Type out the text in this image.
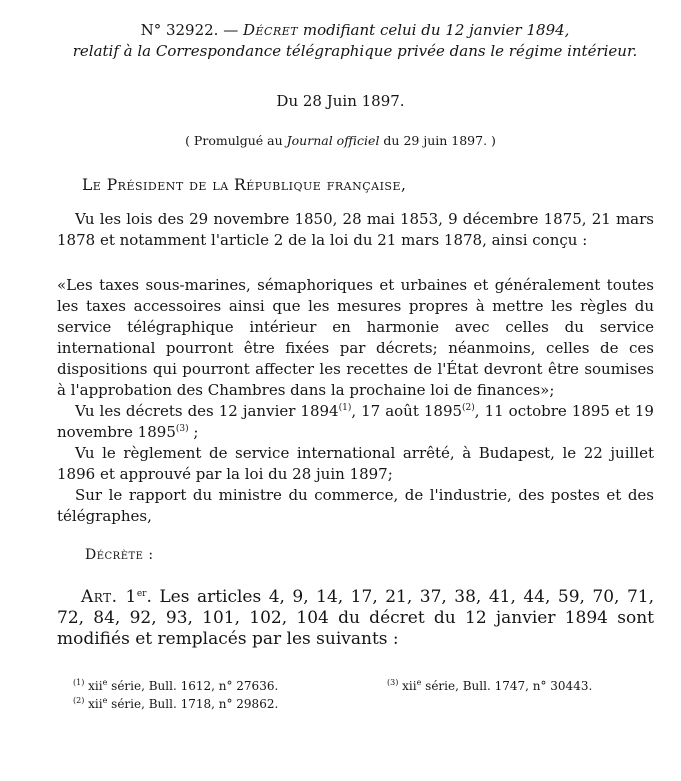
N° 32922. — Décret modifiant celui du 12 janvier 1894,
relatif à la Correspondance télégraphique privée dans le régime intérieur.

Du 28 Juin 1897.

( Promulgué au Journal officiel du 29 juin 1897. )

Le Président de la République française,

Vu les lois des 29 novembre 1850, 28 mai 1853, 9 décembre 1875, 21 mars 1878 et notamment l'article 2 de la loi du 21 mars 1878, ainsi conçu :

«Les taxes sous-marines, sémaphoriques et urbaines et généralement toutes les taxes accessoires ainsi que les mesures propres à mettre les règles du service télégraphique intérieur en harmonie avec celles du service international pourront être fixées par décrets; néanmoins, celles de ces dispositions qui pourront affecter les recettes de l'État devront être soumises à l'approbation des Chambres dans la prochaine loi de finances»;

Vu les décrets des 12 janvier 1894$^{(1)}$, 17 août 1895$^{(2)}$, 11 octobre 1895 et 19 novembre 1895$^{(3)}$ ;

Vu le règlement de service international arrêté, à Budapest, le 22 juillet 1896 et approuvé par la loi du 28 juin 1897;

Sur le rapport du ministre du commerce, de l'industrie, des postes et des télégraphes,

Décrète :

Art. 1er. Les articles 4, 9, 14, 17, 21, 37, 38, 41, 44, 59, 70, 71, 72, 84, 92, 93, 101, 102, 104 du décret du 12 janvier 1894 sont modifiés et remplacés par les suivants :

$^{(1)}$ xii$^e$ série, Bull. 1612, n° 27636.
$^{(2)}$ xii$^e$ série, Bull. 1718, n° 29862.
$^{(3)}$ xii$^e$ série, Bull. 1747, n° 30443.
